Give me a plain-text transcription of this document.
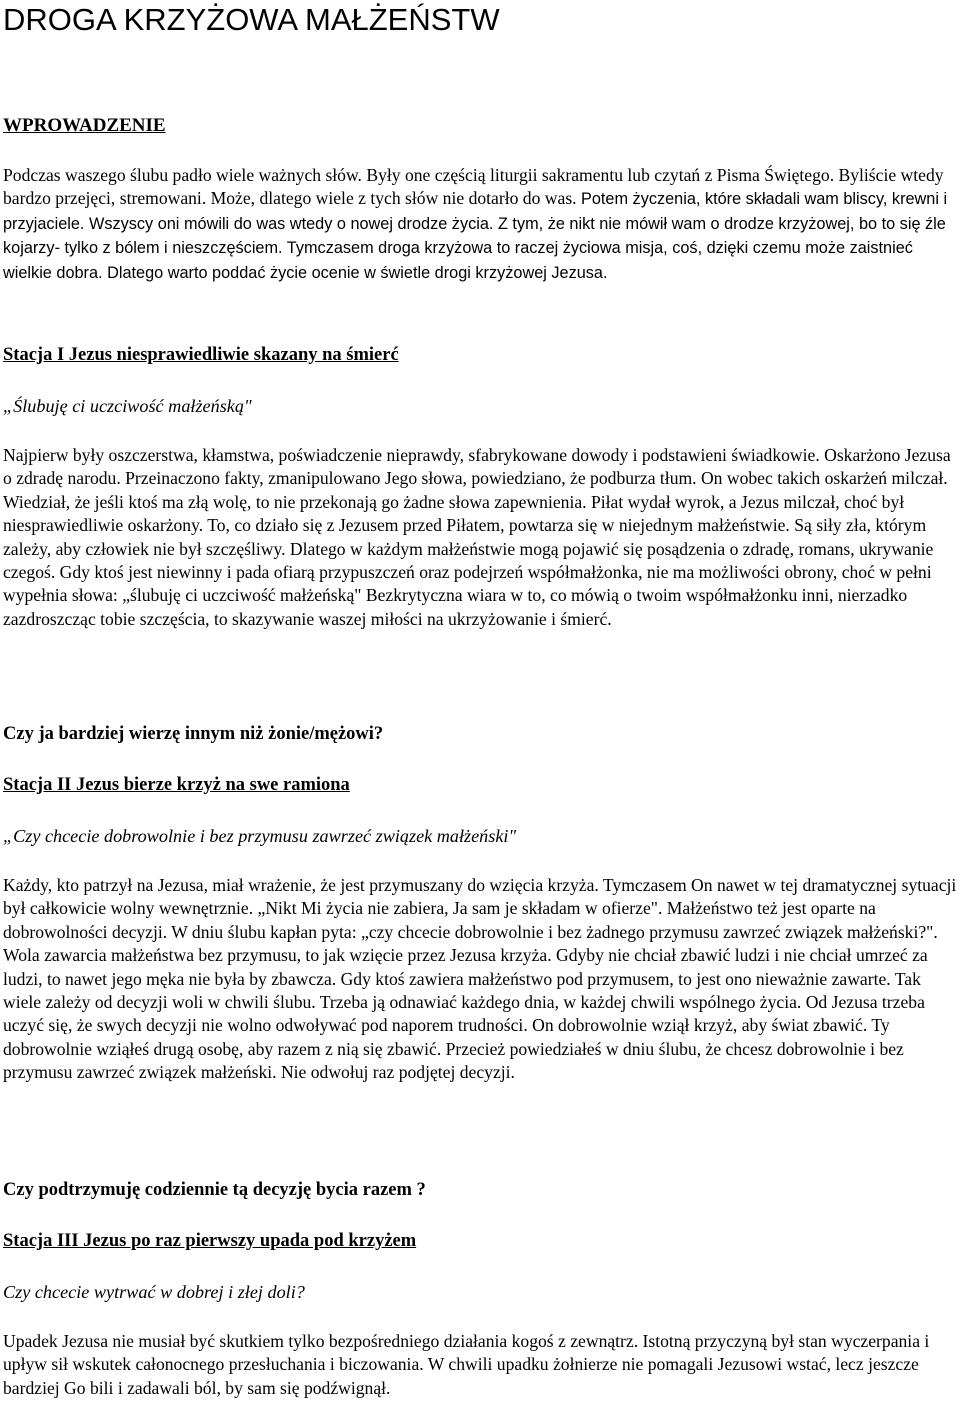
DROGA KRZYŻOWA MAŁŻEŃSTW
WPROWADZENIE

Podczas waszego ślubu padło wiele ważnych słów. Były one częścią liturgii sakramentu lub czytań z Pisma Świętego. Byliście wtedy bardzo przejęci, stremowani. Może, dlatego wiele z tych słów nie dotarło do was. Potem życzenia, które składali wam bliscy, krewni i przyjaciele. Wszyscy oni mówili do was wtedy o nowej drodze życia. Z tym, że nikt nie mówił wam o drodze krzyżowej, bo to się źle kojarzy- tylko z bólem i nieszczęściem. Tymczasem droga krzyżowa to raczej życiowa misja, coś, dzięki czemu może zaistnieć wielkie dobra. Dlatego warto poddać życie ocenie w świetle drogi krzyżowej Jezusa.

Stacja I Jezus niesprawiedliwie skazany na śmierć

„Ślubuję ci uczciwość małżeńską"

Najpierw były oszczerstwa, kłamstwa, poświadczenie nieprawdy, sfabrykowane dowody i podstawieni świadkowie. Oskarżono Jezusa o zdradę narodu. Przeinaczono fakty, zmanipulowano Jego słowa, powiedziano, że podburza tłum. On wobec takich oskarżeń milczał. Wiedział, że jeśli ktoś ma złą wolę, to nie przekonają go żadne słowa zapewnienia. Piłat wydał wyrok, a Jezus milczał, choć był niesprawiedliwie oskarżony. To, co działo się z Jezusem przed Piłatem, powtarza się w niejednym małżeństwie. Są siły zła, którym zależy, aby człowiek nie był szczęśliwy. Dlatego w każdym małżeństwie mogą pojawić się posądzenia o zdradę, romans, ukrywanie czegoś. Gdy ktoś jest niewinny i pada ofiarą przypuszczeń oraz podejrzeń współmałżonka, nie ma możliwości obrony, choć w pełni wypełnia słowa: „ślubuję ci uczciwość małżeńską" Bezkrytyczna wiara w to, co mówią o twoim współmałżonku inni, nierzadko zazdroszcząc tobie szczęścia, to skazywanie waszej miłości na ukrzyżowanie i śmierć.

Czy ja bardziej wierzę innym niż żonie/mężowi?

Stacja II Jezus bierze krzyż na swe ramiona

„Czy chcecie dobrowolnie i bez przymusu zawrzeć związek małżeński"

Każdy, kto patrzył na Jezusa, miał wrażenie, że jest przymuszany do wzięcia krzyża. Tymczasem On nawet w tej dramatycznej sytuacji był całkowicie wolny wewnętrznie. „Nikt Mi życia nie zabiera, Ja sam je składam w ofierze". Małżeństwo też jest oparte na dobrowolności decyzji. W dniu ślubu kapłan pyta: „czy chcecie dobrowolnie i bez żadnego przymusu zawrzeć związek małżeński?". Wola zawarcia małżeństwa bez przymusu, to jak wzięcie przez Jezusa krzyża. Gdyby nie chciał zbawić ludzi i nie chciał umrzeć za ludzi, to nawet jego męka nie była by zbawcza. Gdy ktoś zawiera małżeństwo pod przymusem, to jest ono nieważnie zawarte. Tak wiele zależy od decyzji woli w chwili ślubu. Trzeba ją odnawiać każdego dnia, w każdej chwili wspólnego życia. Od Jezusa trzeba uczyć się, że swych decyzji nie wolno odwoływać pod naporem trudności. On dobrowolnie wziął krzyż, aby świat zbawić. Ty dobrowolnie wziąłeś drugą osobę, aby razem z nią się zbawić. Przecież powiedziałeś w dniu ślubu, że chcesz dobrowolnie i bez przymusu zawrzeć związek małżeński. Nie odwołuj raz podjętej decyzji.

Czy podtrzymuję codziennie tą decyzję bycia razem ?

Stacja III Jezus po raz pierwszy upada pod krzyżem

Czy chcecie wytrwać w dobrej i złej doli?

Upadek Jezusa nie musiał być skutkiem tylko bezpośredniego działania kogoś z zewnątrz. Istotną przyczyną był stan wyczerpania i upływ sił wskutek całonocnego przesłuchania i biczowania. W chwili upadku żołnierze nie pomagali Jezusowi wstać, lecz jeszcze bardziej Go bili i zadawali ból, by sam się podźwignął.
